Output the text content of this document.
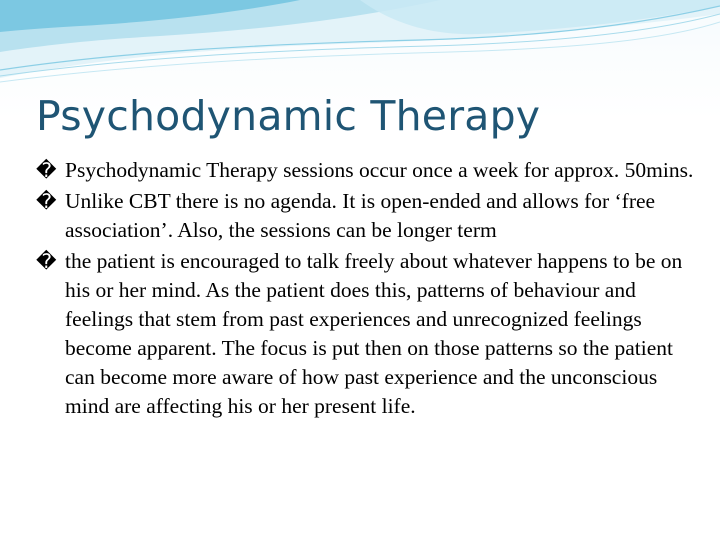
Psychodynamic Therapy
� Psychodynamic Therapy sessions occur once a week for approx. 50mins.
� Unlike CBT there is no agenda. It is open-ended and allows for ‘free association’. Also, the sessions can be longer term
� the patient is encouraged to talk freely about whatever happens to be on his or her mind. As the patient does this, patterns of behaviour and feelings that stem from past experiences and unrecognized feelings become apparent. The focus is put then on those patterns so the patient can become more aware of how past experience and the unconscious mind are affecting his or her present life.
